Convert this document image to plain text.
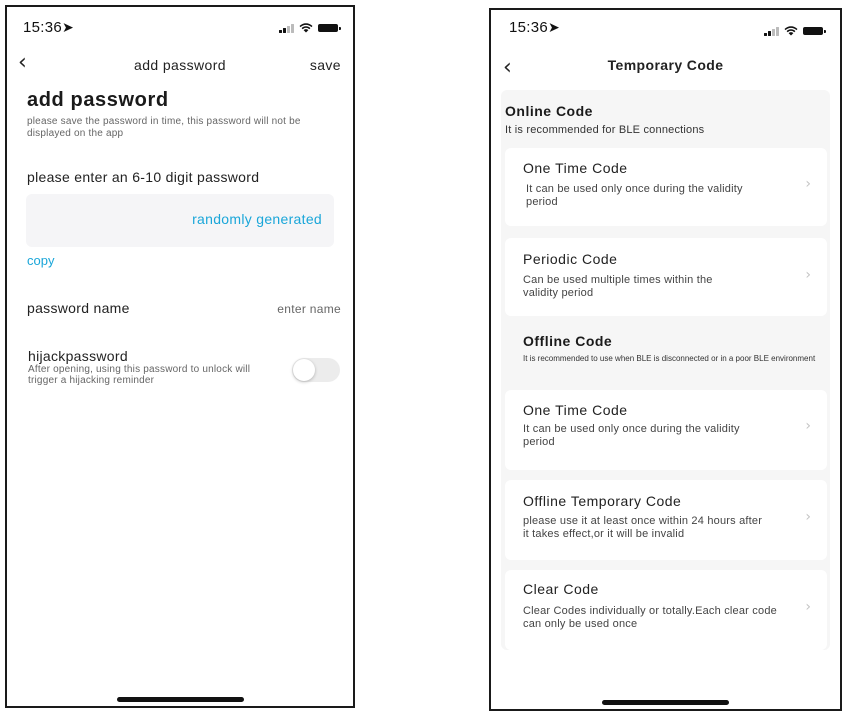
15:36➤
‹	add password	save
add password
please save the password in time, this password will not be displayed on the app
please enter an 6-10 digit password
randomly generated
copy
password name	enter name
hijackpassword
After opening, using this password to unlock will trigger a hijacking reminder
15:36➤
‹	Temporary Code
Online Code
It is recommended for BLE connections
One Time Code
It can be used only once during the validity period
›
Periodic Code
Can be used multiple times within the validity period
›
Offline Code
It is recommended to use when BLE is disconnected or in a poor BLE environment
One Time Code
It can be used only once during the validity period
›
Offline Temporary Code
please use it at least once within 24 hours after it takes effect,or it will be invalid
›
Clear Code
Clear Codes individually or totally.Each clear code can only be used once
›
